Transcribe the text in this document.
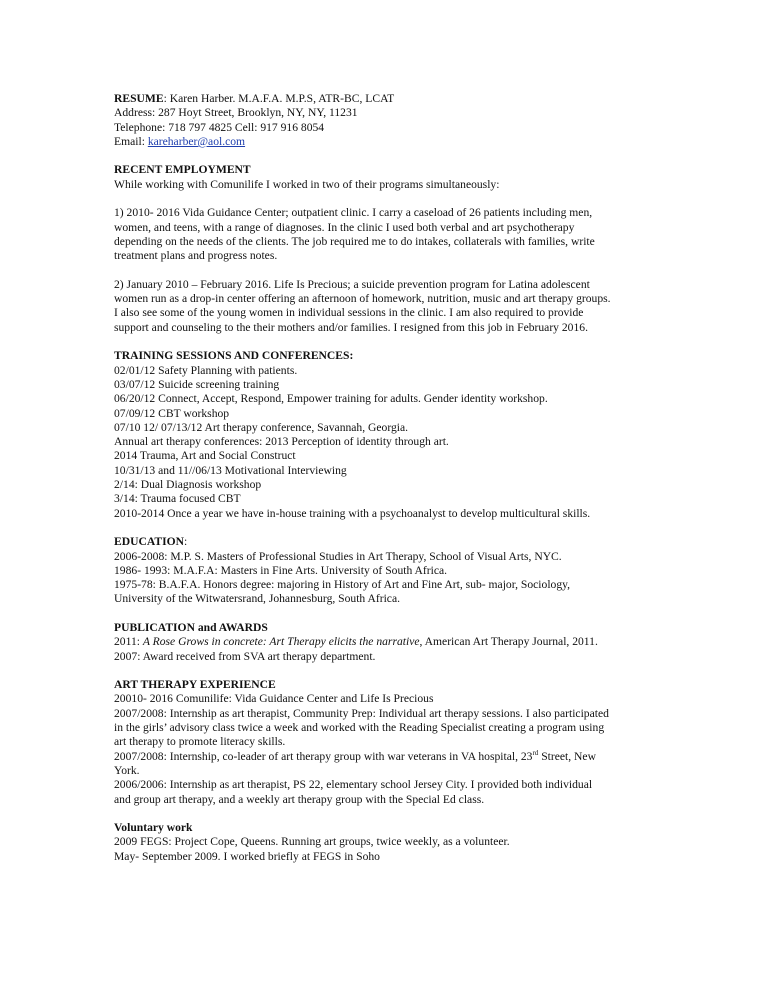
RESUME: Karen Harber. M.A.F.A. M.P.S, ATR-BC, LCAT
Address: 287 Hoyt Street, Brooklyn, NY, NY, 11231
Telephone: 718 797 4825 Cell: 917 916 8054
Email: kareharber@aol.com
RECENT EMPLOYMENT
While working with Comunilife I worked in two of their programs simultaneously:
1) 2010- 2016 Vida Guidance Center; outpatient clinic. I carry a caseload of 26 patients including men,
women, and teens, with a range of diagnoses. In the clinic I used both verbal and art psychotherapy
depending on the needs of the clients. The job required me to do intakes, collaterals with families, write
treatment plans and progress notes.
2) January 2010 – February 2016. Life Is Precious; a suicide prevention program for Latina adolescent
women run as a drop-in center offering an afternoon of homework, nutrition, music and art therapy groups.
I also see some of the young women in individual sessions in the clinic. I am also required to provide
support and counseling to the their mothers and/or families. I resigned from this job in February 2016.
TRAINING SESSIONS AND CONFERENCES:
02/01/12 Safety Planning with patients.
03/07/12 Suicide screening training
06/20/12 Connect, Accept, Respond, Empower training for adults. Gender identity workshop.
07/09/12 CBT workshop
07/10 12/ 07/13/12 Art therapy conference, Savannah, Georgia.
Annual art therapy conferences: 2013 Perception of identity through art.
2014 Trauma, Art and Social Construct
10/31/13 and 11//06/13 Motivational Interviewing
2/14: Dual Diagnosis workshop
3/14: Trauma focused CBT
2010-2014 Once a year we have in-house training with a psychoanalyst to develop multicultural skills.
EDUCATION:
2006-2008: M.P. S. Masters of Professional Studies in Art Therapy, School of Visual Arts, NYC.
1986- 1993: M.A.F.A: Masters in Fine Arts. University of South Africa.
1975-78: B.A.F.A. Honors degree: majoring in History of Art and Fine Art, sub- major, Sociology,
University of the Witwatersrand, Johannesburg, South Africa.
PUBLICATION and AWARDS
2011: A Rose Grows in concrete: Art Therapy elicits the narrative, American Art Therapy Journal, 2011.
2007: Award received from SVA art therapy department.
ART THERAPY EXPERIENCE
20010- 2016 Comunilife: Vida Guidance Center and Life Is Precious
2007/2008: Internship as art therapist, Community Prep: Individual art therapy sessions. I also participated
in the girls’ advisory class twice a week and worked with the Reading Specialist creating a program using
art therapy to promote literacy skills.
2007/2008: Internship, co-leader of art therapy group with war veterans in VA hospital, 23rd Street, New
York.
2006/2006: Internship as art therapist, PS 22, elementary school Jersey City. I provided both individual
and group art therapy, and a weekly art therapy group with the Special Ed class.
Voluntary work
2009 FEGS: Project Cope, Queens. Running art groups, twice weekly, as a volunteer.
May- September 2009. I worked briefly at FEGS in Soho
